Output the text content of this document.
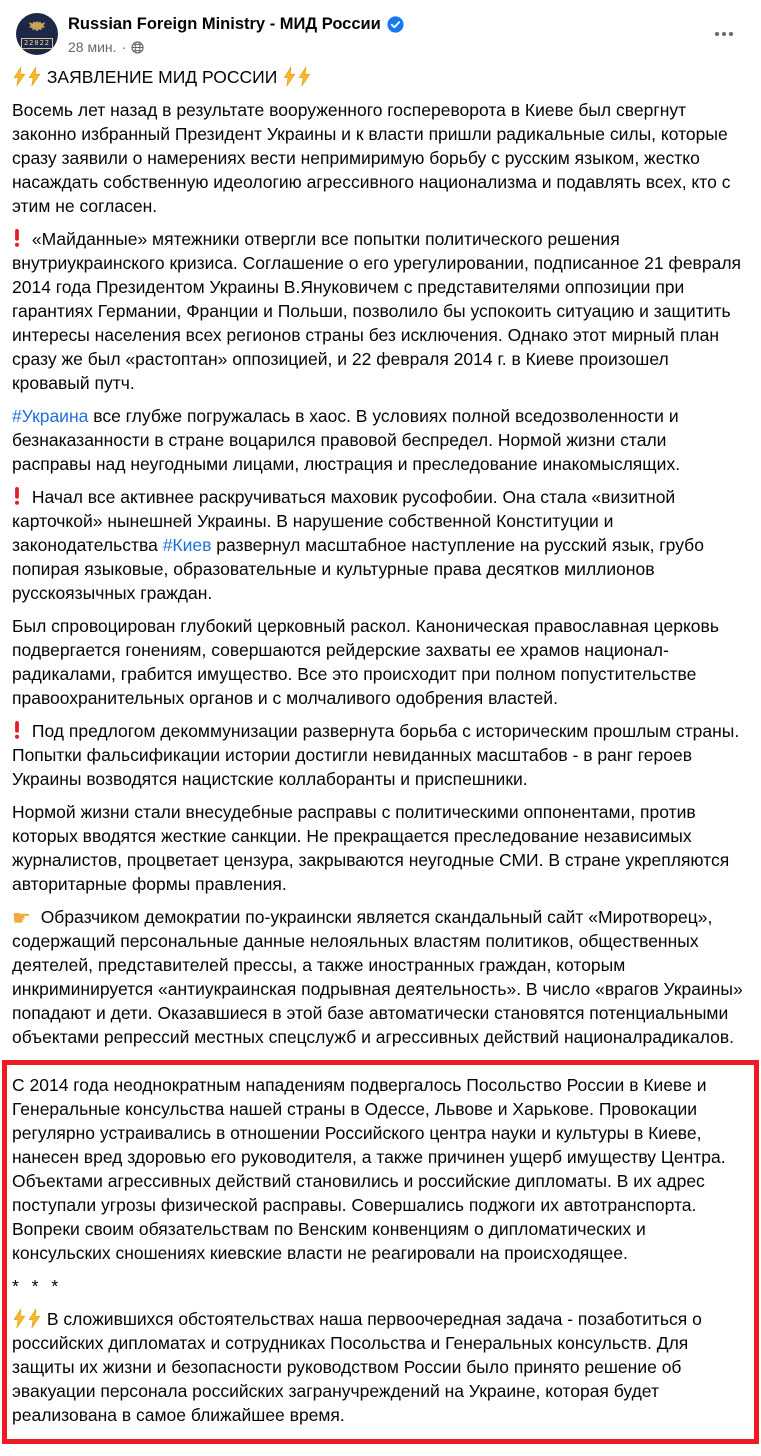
22022
Russian Foreign Ministry - МИД России
28 мин. ·

ЗАЯВЛЕНИЕ МИД РОССИИ

Восемь лет назад в результате вооруженного госпереворота в Киеве был свергнут законно избранный Президент Украины и к власти пришли радикальные силы, которые сразу заявили о намерениях вести непримиримую борьбу с русским языком, жестко насаждать собственную идеологию агрессивного национализма и подавлять всех, кто с этим не согласен.

«Майданные» мятежники отвергли все попытки политического решения внутриукраинского кризиса. Соглашение о его урегулировании, подписанное 21 февраля 2014 года Президентом Украины В.Януковичем с представителями оппозиции при гарантиях Германии, Франции и Польши, позволило бы успокоить ситуацию и защитить интересы населения всех регионов страны без исключения. Однако этот мирный план сразу же был «растоптан» оппозицией, и 22 февраля 2014 г. в Киеве произошел кровавый путч.

#Украина все глубже погружалась в хаос. В условиях полной вседозволенности и безнаказанности в стране воцарился правовой беспредел. Нормой жизни стали расправы над неугодными лицами, люстрация и преследование инакомыслящих.

Начал все активнее раскручиваться маховик русофобии. Она стала «визитной карточкой» нынешней Украины. В нарушение собственной Конституции и законодательства #Киев развернул масштабное наступление на русский язык, грубо попирая языковые, образовательные и культурные права десятков миллионов русскоязычных граждан.

Был спровоцирован глубокий церковный раскол. Каноническая православная церковь подвергается гонениям, совершаются рейдерские захваты ее храмов национал-радикалами, грабится имущество. Все это происходит при полном попустительстве правоохранительных органов и с молчаливого одобрения властей.

Под предлогом декоммунизации развернута борьба с историческим прошлым страны. Попытки фальсификации истории достигли невиданных масштабов - в ранг героев Украины возводятся нацистские коллаборанты и приспешники.

Нормой жизни стали внесудебные расправы с политическими оппонентами, против которых вводятся жесткие санкции. Не прекращается преследование независимых журналистов, процветает цензура, закрываются неугодные СМИ. В стране укрепляются авторитарные формы правления.

☛ Образчиком демократии по-украински является скандальный сайт «Миротворец», содержащий персональные данные нелояльных властям политиков, общественных деятелей, представителей прессы, а также иностранных граждан, которым инкриминируется «антиукраинская подрывная деятельность». В число «врагов Украины» попадают и дети. Оказавшиеся в этой базе автоматически становятся потенциальными объектами репрессий местных спецслужб и агрессивных действий националрадикалов.

С 2014 года неоднократным нападениям подвергалось Посольство России в Киеве и Генеральные консульства нашей страны в Одессе, Львове и Харькове. Провокации регулярно устраивались в отношении Российского центра науки и культуры в Киеве, нанесен вред здоровью его руководителя, а также причинен ущерб имуществу Центра. Объектами агрессивных действий становились и российские дипломаты. В их адрес поступали угрозы физической расправы. Совершались поджоги их автотранспорта. Вопреки своим обязательствам по Венским конвенциям о дипломатических и консульских сношениях киевские власти не реагировали на происходящее.

* * *

В сложившихся обстоятельствах наша первоочередная задача - позаботиться о российских дипломатах и сотрудниках Посольства и Генеральных консульств. Для защиты их жизни и безопасности руководством России было принято решение об эвакуации персонала российских загранучреждений на Украине, которая будет реализована в самое ближайшее время.
